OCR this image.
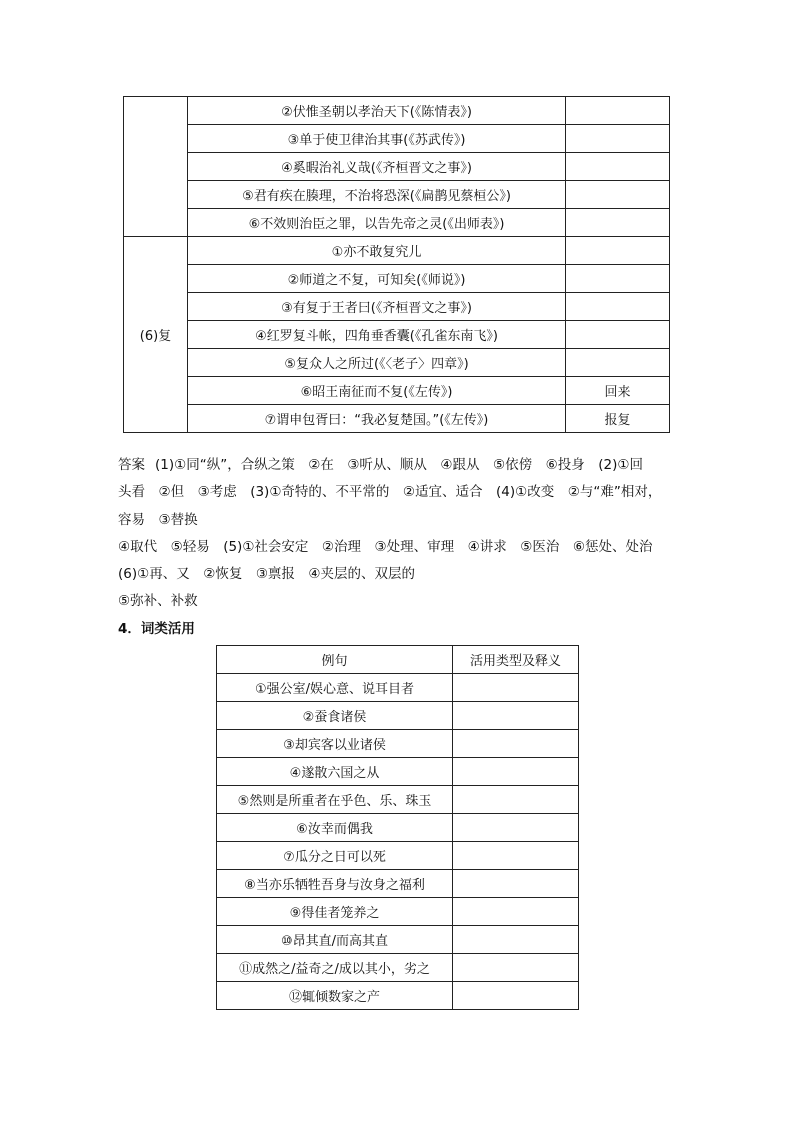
	②伏惟圣朝以孝治天下(《陈情表》)	
	③单于使卫律治其事(《苏武传》)	
	④奚暇治礼义哉(《齐桓晋文之事》)	
	⑤君有疾在腠理，不治将恐深(《扁鹊见蔡桓公》)	
	⑥不效则治臣之罪，以告先帝之灵(《出师表》)	
(6)复	①亦不敢复究儿	
	②师道之不复，可知矣(《师说》)	
	③有复于王者曰(《齐桓晋文之事》)	
	④红罗复斗帐，四角垂香囊(《孔雀东南飞》)	
	⑤复众人之所过(《〈老子〉四章》)	
	⑥昭王南征而不复(《左传》)	回来
	⑦谓申包胥曰：“我必复楚国。”(《左传》)	报复
答案 (1)①同“纵”，合纵之策　②在　③听从、顺从　④跟从　⑤依傍　⑥投身　(2)①回
头看　②但　③考虑　(3)①奇特的、不平常的　②适宜、适合　(4)①改变　②与“难”相对，
容易　③替换
④取代　⑤轻易　(5)①社会安定　②治理　③处理、审理　④讲求　⑤医治　⑥惩处、处治
(6)①再、又　②恢复　③禀报　④夹层的、双层的
⑤弥补、补救
4．词类活用
例句	活用类型及释义
①强公室/娱心意、说耳目者	
②蚕食诸侯	
③却宾客以业诸侯	
④遂散六国之从	
⑤然则是所重者在乎色、乐、珠玉	
⑥汝幸而偶我	
⑦瓜分之日可以死	
⑧当亦乐牺牲吾身与汝身之福利	
⑨得佳者笼养之	
⑩昂其直/而高其直	
⑪成然之/益奇之/成以其小，劣之	
⑫辄倾数家之产	
